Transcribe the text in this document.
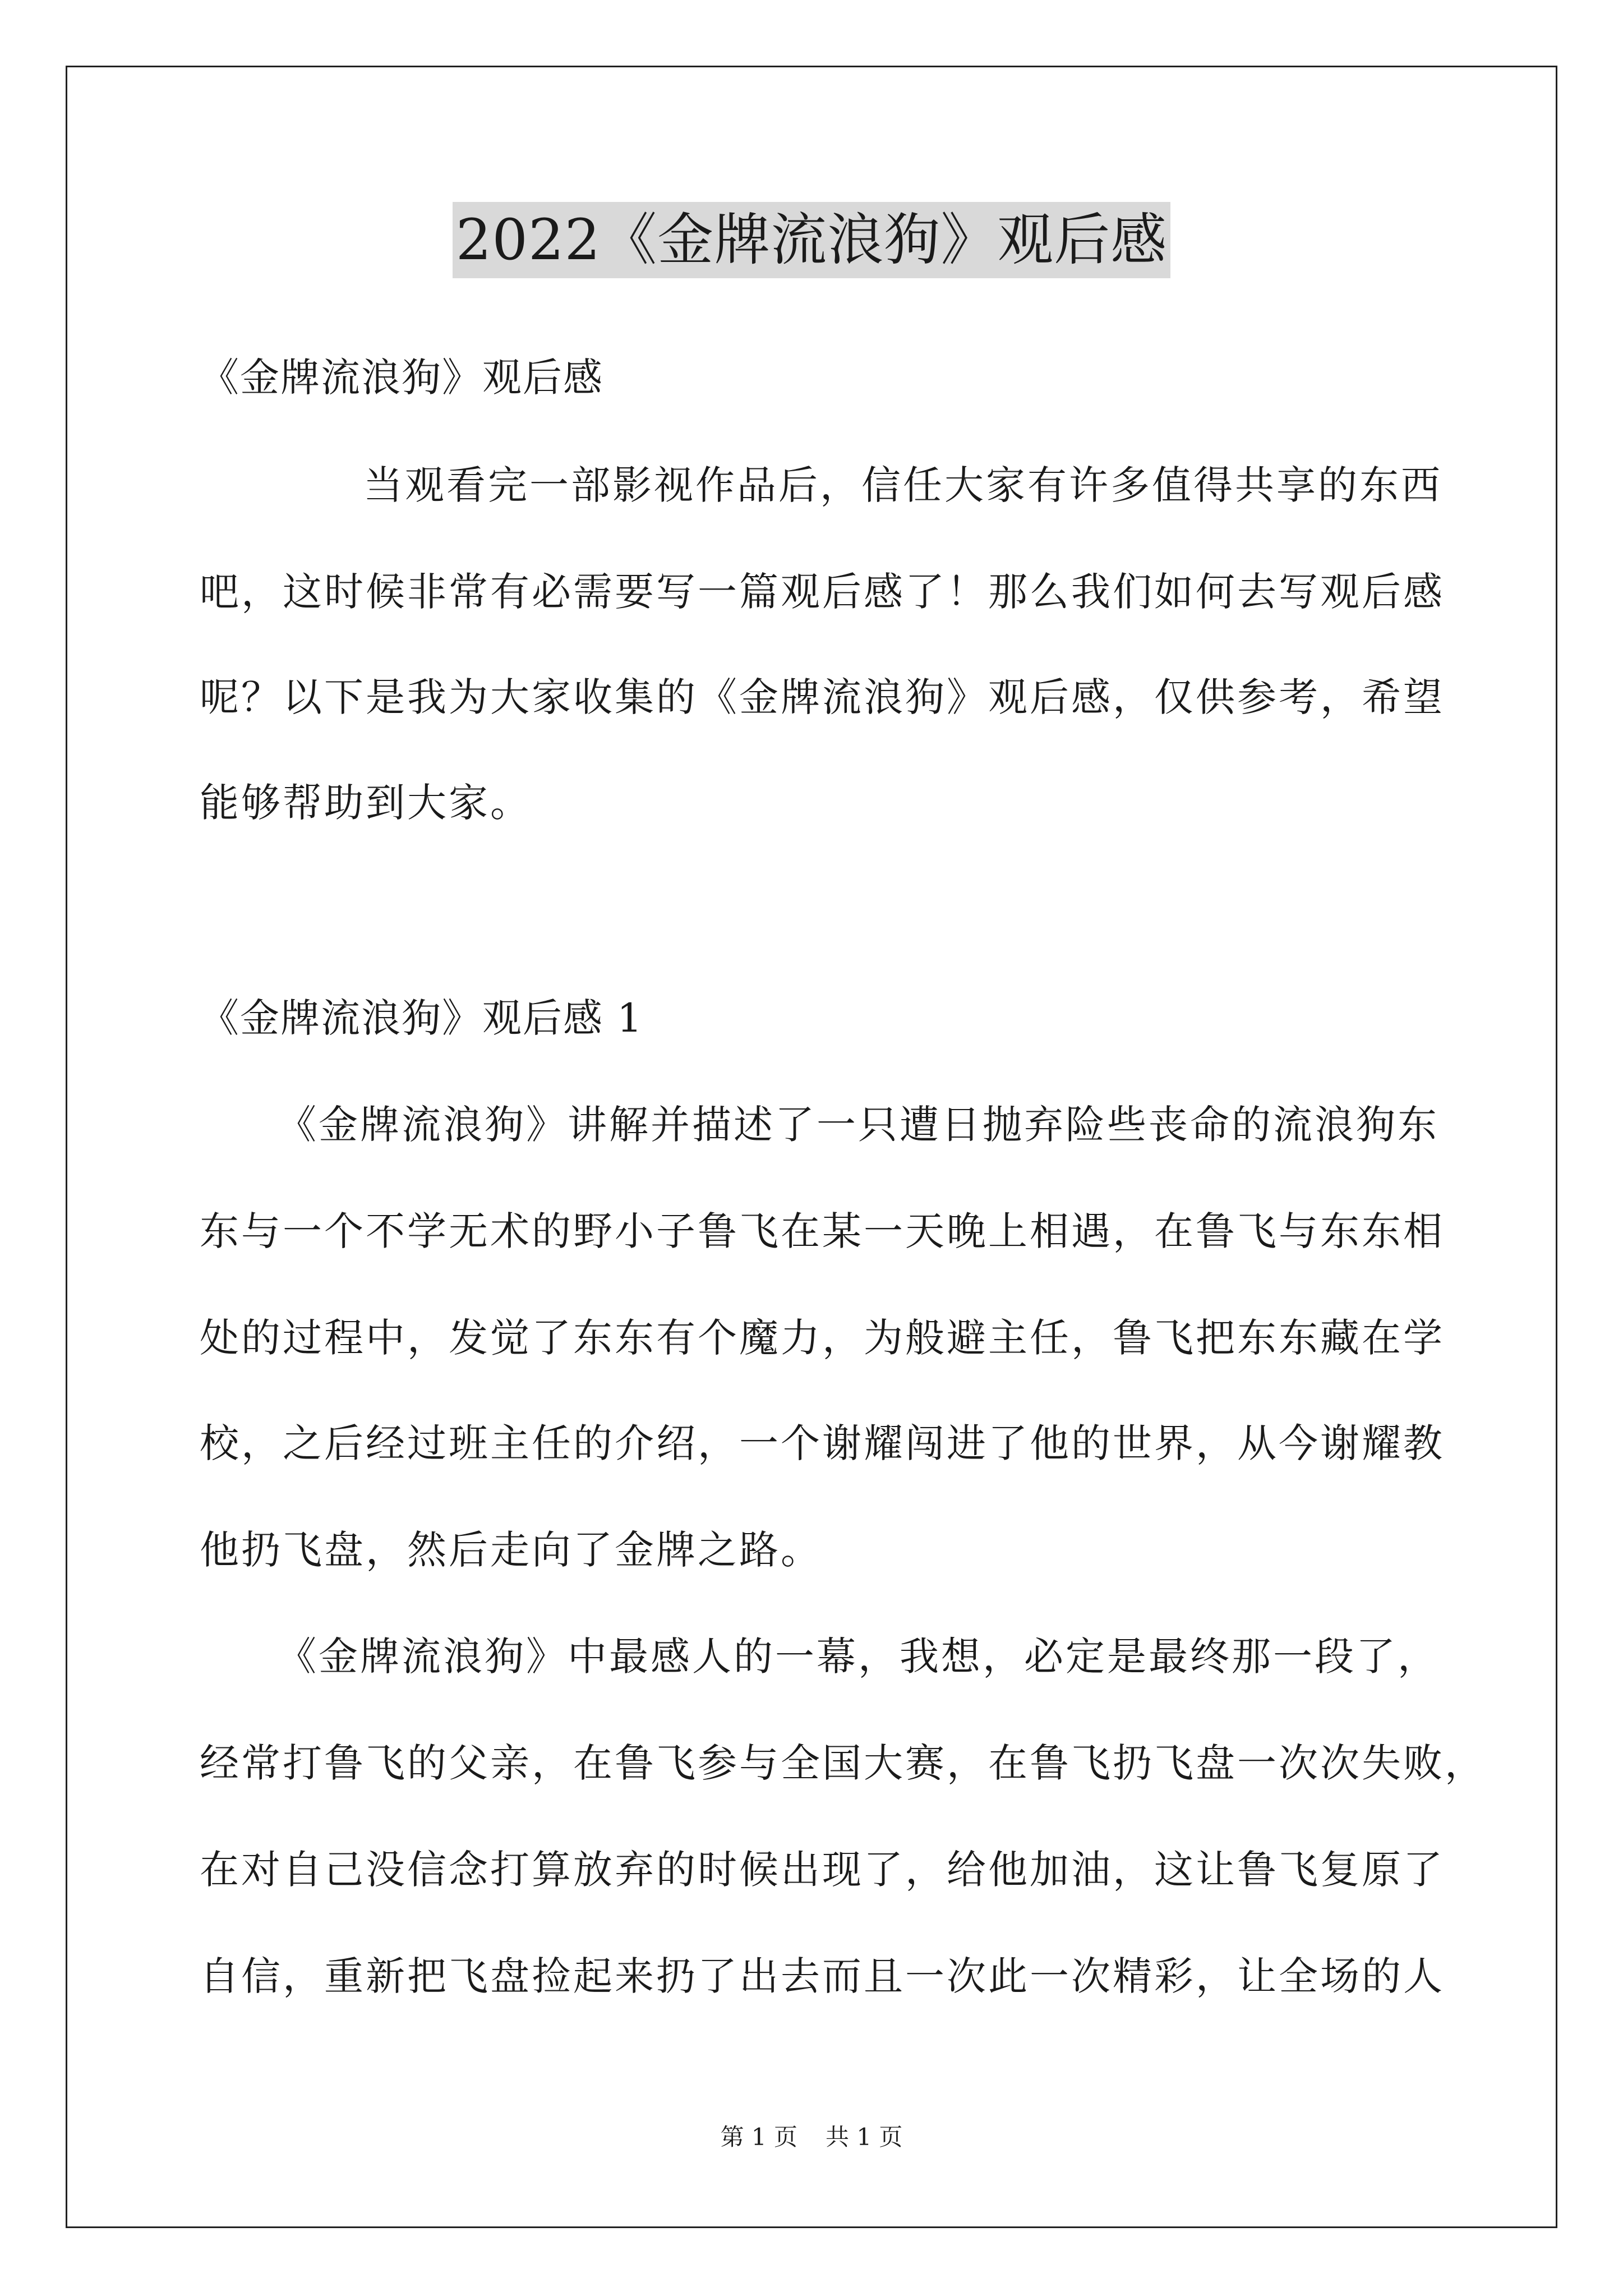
2022《金牌流浪狗》观后感
《金牌流浪狗》观后感
当观看完一部影视作品后，信任大家有许多值得共享的东西
吧，这时候非常有必需要写一篇观后感了！那么我们如何去写观后感
呢？以下是我为大家收集的《金牌流浪狗》观后感，仅供参考，希望
能够帮助到大家。
《金牌流浪狗》观后感 1
《金牌流浪狗》讲解并描述了一只遭日抛弃险些丧命的流浪狗东
东与一个不学无术的野小子鲁飞在某一天晚上相遇，在鲁飞与东东相
处的过程中，发觉了东东有个魔力，为般避主任，鲁飞把东东藏在学
校，之后经过班主任的介绍，一个谢耀闯进了他的世界，从今谢耀教
他扔飞盘，然后走向了金牌之路。
《金牌流浪狗》中最感人的一幕，我想，必定是最终那一段了，
经常打鲁飞的父亲，在鲁飞参与全国大赛，在鲁飞扔飞盘一次次失败，
在对自己没信念打算放弃的时候出现了，给他加油，这让鲁飞复原了
自信，重新把飞盘捡起来扔了出去而且一次此一次精彩，让全场的人
第 1 页 共 1 页
